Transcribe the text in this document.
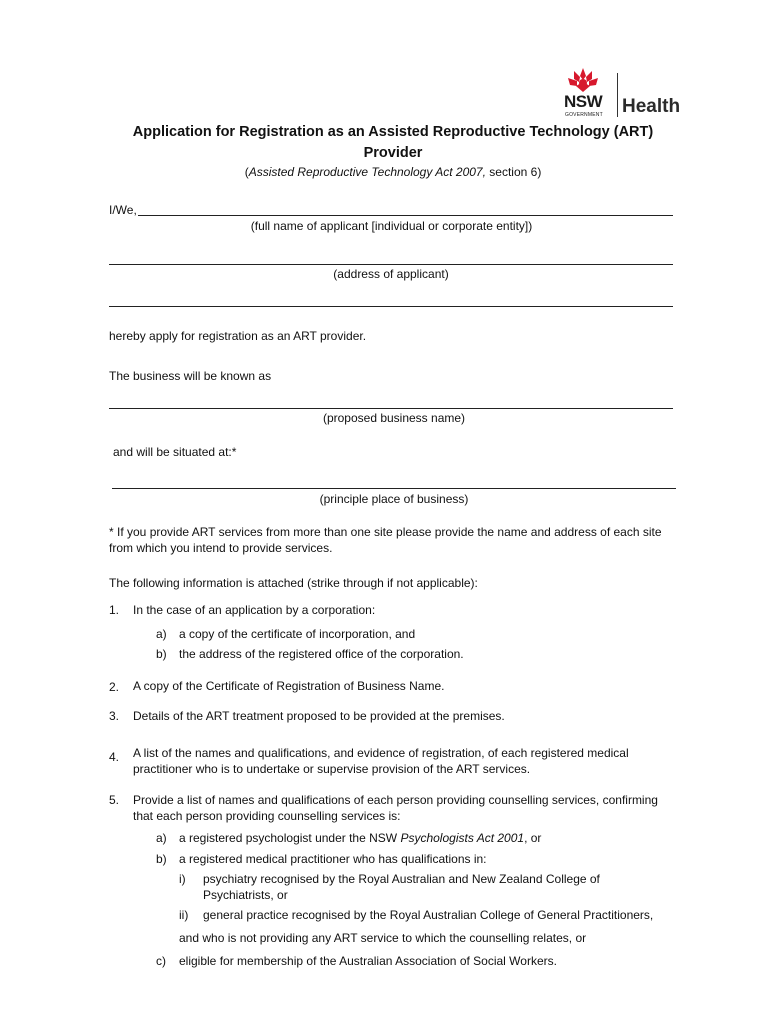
NSW
GOVERNMENT Health
Application for Registration as an Assisted Reproductive Technology (ART)
Provider
(Assisted Reproductive Technology Act 2007, section 6)
I/We,
(full name of applicant [individual or corporate entity])
(address of applicant)
hereby apply for registration as an ART provider.
The business will be known as
(proposed business name)
and will be situated at:*
(principle place of business)
* If you provide ART services from more than one site please provide the name and address of each site
from which you intend to provide services.
The following information is attached (strike through if not applicable):
1. In the case of an application by a corporation:
a) a copy of the certificate of incorporation, and
b) the address of the registered office of the corporation.
2. A copy of the Certificate of Registration of Business Name.
3. Details of the ART treatment proposed to be provided at the premises.
4. A list of the names and qualifications, and evidence of registration, of each registered medical
practitioner who is to undertake or supervise provision of the ART services.
5. Provide a list of names and qualifications of each person providing counselling services, confirming
that each person providing counselling services is:
a) a registered psychologist under the NSW Psychologists Act 2001, or
b) a registered medical practitioner who has qualifications in:
i) psychiatry recognised by the Royal Australian and New Zealand College of
Psychiatrists, or
ii) general practice recognised by the Royal Australian College of General Practitioners,
and who is not providing any ART service to which the counselling relates, or
c) eligible for membership of the Australian Association of Social Workers.
